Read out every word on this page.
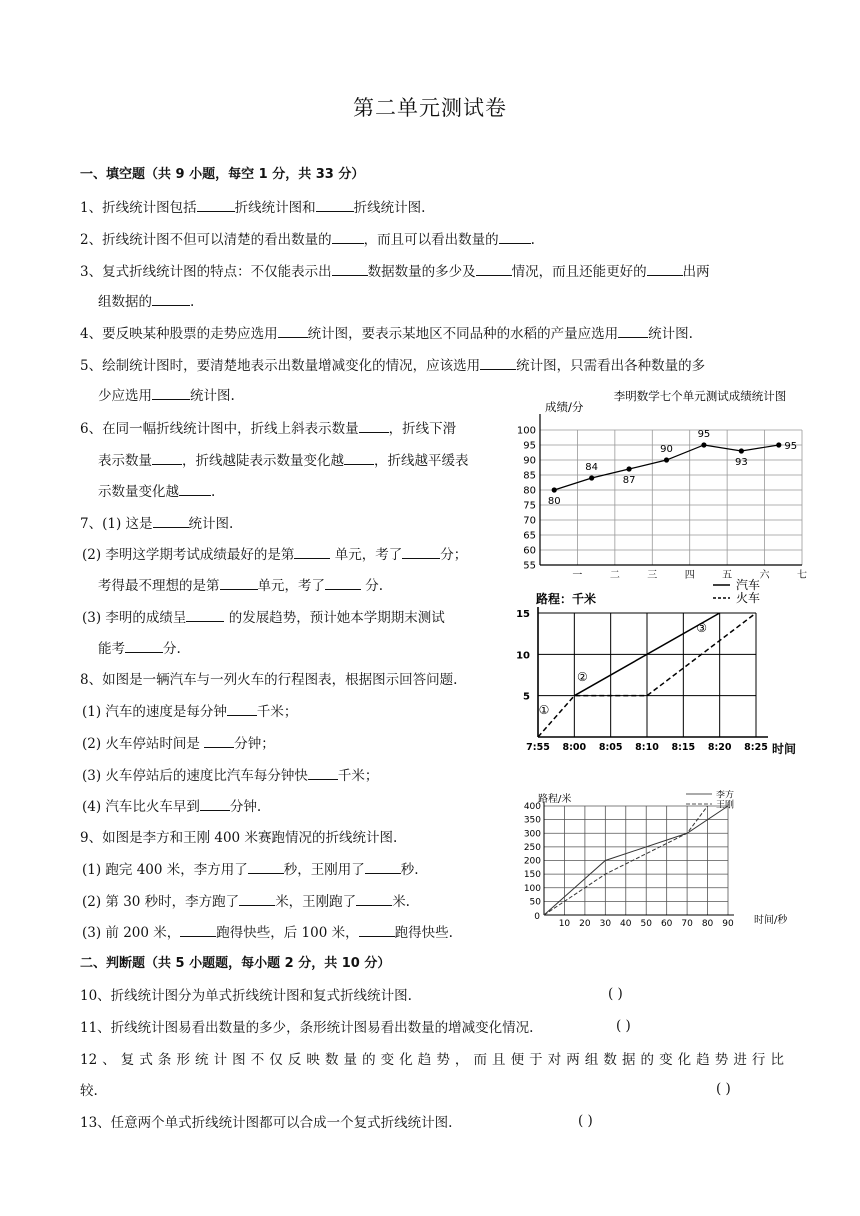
第二单元测试卷
一、填空题（共 9 小题，每空 1 分，共 33 分）
1、折线统计图包括	折线统计图和	折线统计图.
2、折线统计图不但可以清楚的看出数量的 ，而且可以看出数量的 .
3、复式折线统计图的特点：不仅能表示出	数据数量的多少及	情况，而且还能更好的	出两
组数据的	.
4、要反映某种股票的走势应选用 统计图，要表示某地区不同品种的水稻的产量应选用 统计图.
5、绘制统计图时，要清楚地表示出数量增减变化的情况，应该选用	统计图，只需看出各种数量的多
少应选用	统计图.
6、在同一幅折线统计图中，折线上斜表示数量 ，折线下滑
表示数量 ，折线越陡表示数量变化越 ，折线越平缓表
示数量变化越 .
7、(1) 这是	统计图.
(2) 李明这学期考试成绩最好的是第	单元，考了	分；
考得最不理想的是第	单元，考了	分.
(3) 李明的成绩呈	的发展趋势，预计她本学期期末测试
能考	分.
8、如图是一辆汽车与一列火车的行程图表，根据图示回答问题.
(1) 汽车的速度是每分钟 千米；
(2) 火车停站时间是 分钟；
(3) 火车停站后的速度比汽车每分钟快 千米；
(4) 汽车比火车早到 分钟.
9、如图是李方和王刚 400 米赛跑情况的折线统计图.
(1) 跑完 400 米，李方用了	秒，王刚用了	秒.
(2) 第 30 秒时，李方跑了	米，王刚跑了	米.
(3) 前 200 米，	跑得快些，后 100 米，	跑得快些.
二、判断题（共 5 小题题，每小题 2 分，共 10 分）
10、折线统计图分为单式折线统计图和复式折线统计图.	( )
11、折线统计图易看出数量的多少，条形统计图易看出数量的增减变化情况.	( )
12、复式条形统计图不仅反映数量的变化趋势，而且便于对两组数据的变化趋势进行比
较.	( )
13、任意两个单式折线统计图都可以合成一个复式折线统计图.	( )
李明数学七个单元测试成绩统计图
成绩/分
55
60
65
70
75
80
85
90
95
100
一	二	三	四	五	六	七
80
84
87
90
95
93
95
路程：千米
汽车
火车
7:55 8:00 8:05 8:10 8:15 8:20 8:25
5
10
15
①
②
③
时间
路程/米	李方
王刚
0
10 20 30 40 50 60 70 80 90
50
100
150
200
250
300
350
400
时间/秒
